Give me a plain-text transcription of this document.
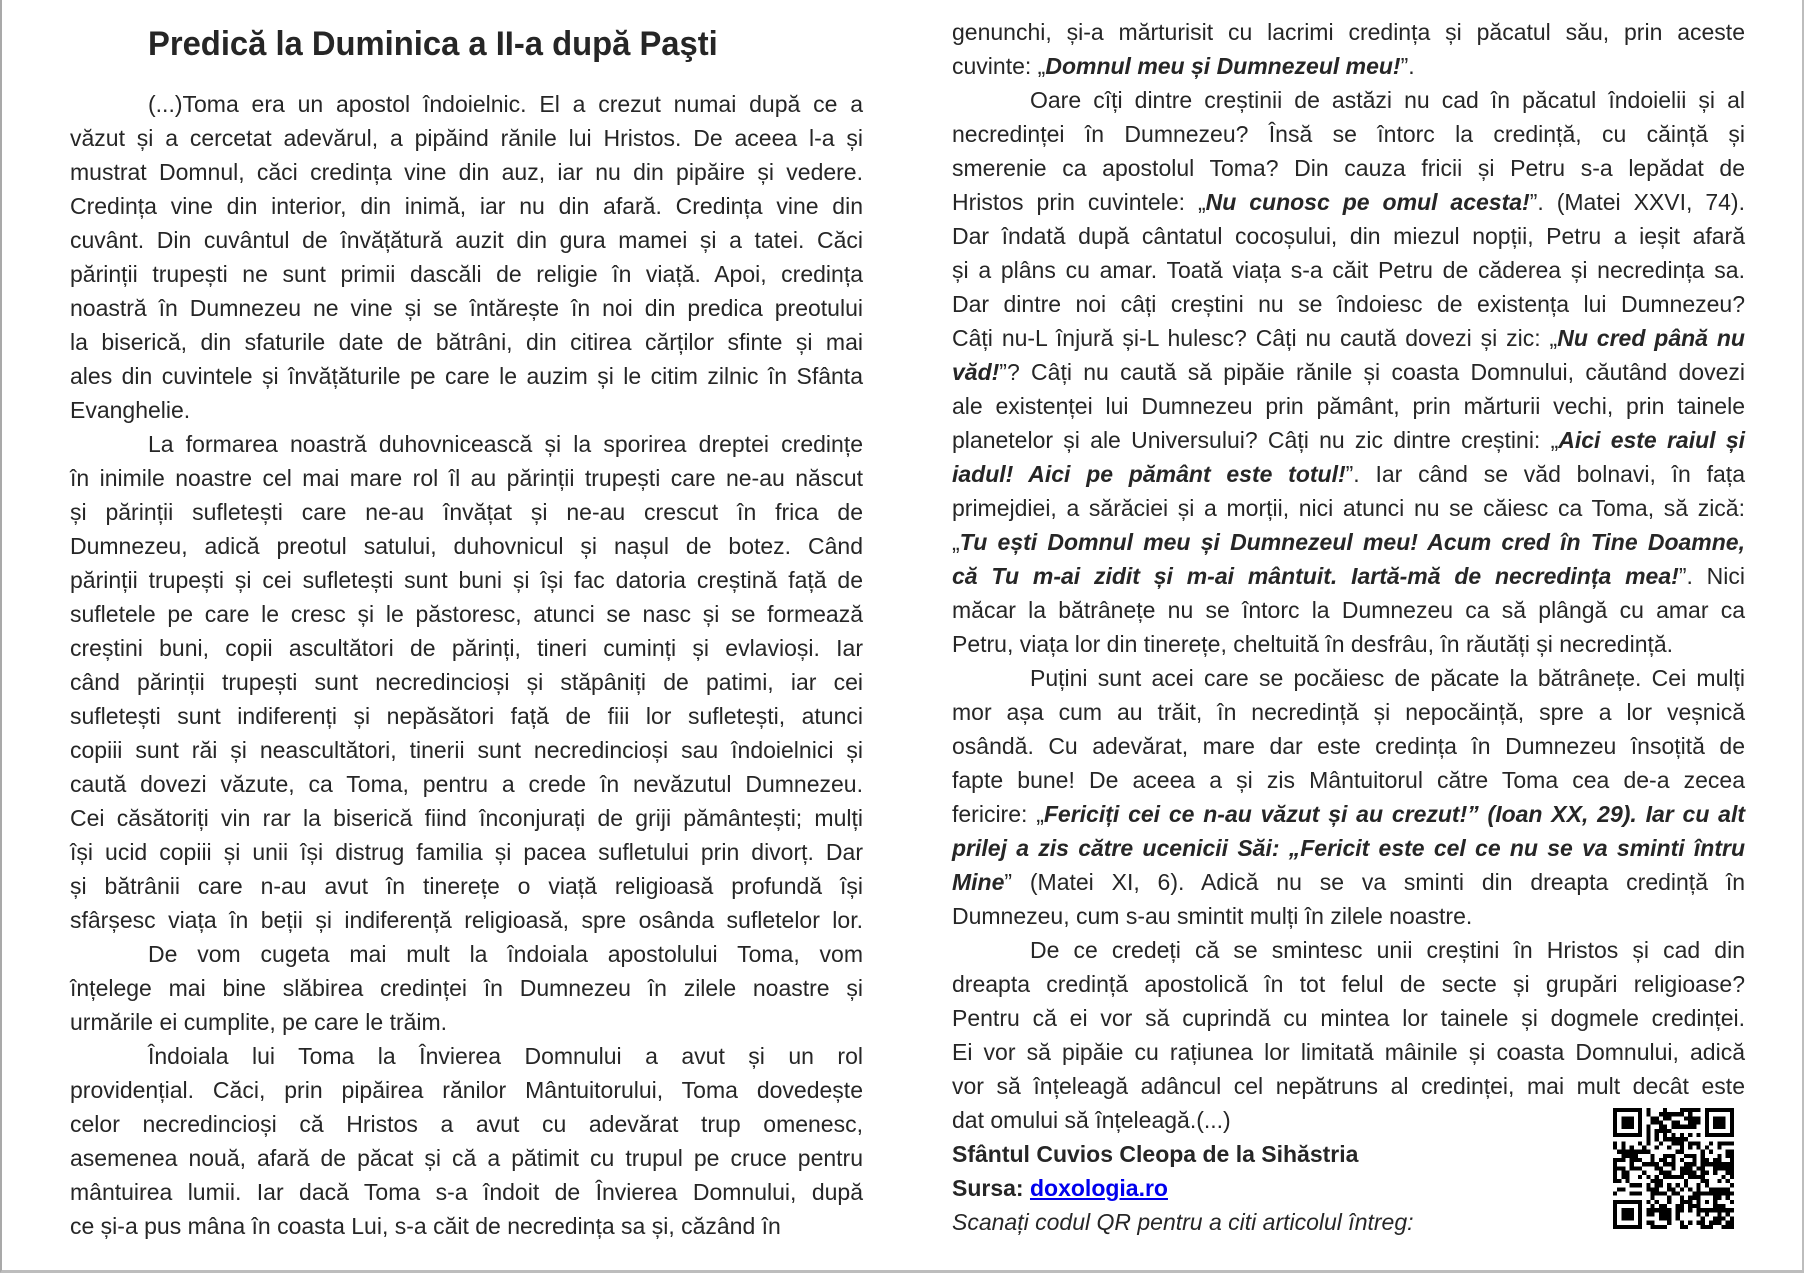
Predică la Duminica a II-a după Paşti
(...)Toma era un apostol îndoielnic. El a crezut numai după ce a
văzut și a cercetat adevărul, a pipăind rănile lui Hristos. De aceea l-a și
mustrat Domnul, căci credința vine din auz, iar nu din pipăire și vedere.
Credința vine din interior, din inimă, iar nu din afară. Credința vine din
cuvânt. Din cuvântul de învățătură auzit din gura mamei și a tatei. Căci
părinții trupești ne sunt primii dascăli de religie în viață. Apoi, credința
noastră în Dumnezeu ne vine și se întărește în noi din predica preotului
la biserică, din sfaturile date de bătrâni, din citirea cărților sfinte și mai
ales din cuvintele și învățăturile pe care le auzim și le citim zilnic în Sfânta
Evanghelie.
La formarea noastră duhovnicească și la sporirea dreptei credințe
în inimile noastre cel mai mare rol îl au părinții trupești care ne-au născut
și părinții sufletești care ne-au învățat și ne-au crescut în frica de
Dumnezeu, adică preotul satului, duhovnicul și nașul de botez. Când
părinții trupești și cei sufletești sunt buni și își fac datoria creștină față de
sufletele pe care le cresc și le păstoresc, atunci se nasc și se formează
creștini buni, copii ascultători de părinți, tineri cuminți și evlavioși. Iar
când părinții trupești sunt necredincioși și stăpâniți de patimi, iar cei
sufletești sunt indiferenți și nepăsători față de fiii lor sufletești, atunci
copiii sunt răi și neascultători, tinerii sunt necredincioși sau îndoielnici și
caută dovezi văzute, ca Toma, pentru a crede în nevăzutul Dumnezeu.
Cei căsătoriți vin rar la biserică fiind înconjurați de griji pământești; mulți
își ucid copiii și unii își distrug familia și pacea sufletului prin divorț. Dar
și bătrânii care n-au avut în tinerețe o viață religioasă profundă își
sfârșesc viața în beții și indiferență religioasă, spre osânda sufletelor lor.
De vom cugeta mai mult la îndoiala apostolului Toma, vom
înțelege mai bine slăbirea credinței în Dumnezeu în zilele noastre și
urmările ei cumplite, pe care le trăim.
Îndoiala lui Toma la Învierea Domnului a avut și un rol
providențial. Căci, prin pipăirea rănilor Mântuitorului, Toma dovedește
celor necredincioși că Hristos a avut cu adevărat trup omenesc,
asemenea nouă, afară de păcat și că a pătimit cu trupul pe cruce pentru
mântuirea lumii. Iar dacă Toma s-a îndoit de Învierea Domnului, după
ce și-a pus mâna în coasta Lui, s-a căit de necredința sa și, căzând în
genunchi, și-a mărturisit cu lacrimi credința și păcatul său, prin aceste
cuvinte: „Domnul meu și Dumnezeul meu!”.
Oare cîți dintre creștinii de astăzi nu cad în păcatul îndoielii și al
necredinței în Dumnezeu? Însă se întorc la credință, cu căință și
smerenie ca apostolul Toma? Din cauza fricii și Petru s-a lepădat de
Hristos prin cuvintele: „Nu cunosc pe omul acesta!”. (Matei XXVI, 74).
Dar îndată după cântatul cocoșului, din miezul nopții, Petru a ieșit afară
și a plâns cu amar. Toată viața s-a căit Petru de căderea și necredința sa.
Dar dintre noi câți creștini nu se îndoiesc de existența lui Dumnezeu?
Câți nu-L înjură și-L hulesc? Câți nu caută dovezi și zic: „Nu cred până nu
văd!”? Câți nu caută să pipăie rănile și coasta Domnului, căutând dovezi
ale existenței lui Dumnezeu prin pământ, prin mărturii vechi, prin tainele
planetelor și ale Universului? Câți nu zic dintre creștini: „Aici este raiul și
iadul! Aici pe pământ este totul!”. Iar când se văd bolnavi, în fața
primejdiei, a sărăciei și a morții, nici atunci nu se căiesc ca Toma, să zică:
„Tu ești Domnul meu și Dumnezeul meu! Acum cred în Tine Doamne,
că Tu m-ai zidit și m-ai mântuit. Iartă-mă de necredința mea!”. Nici
măcar la bătrânețe nu se întorc la Dumnezeu ca să plângă cu amar ca
Petru, viața lor din tinerețe, cheltuită în desfrâu, în răutăți și necredință.
Puțini sunt acei care se pocăiesc de păcate la bătrânețe. Cei mulți
mor așa cum au trăit, în necredință și nepocăință, spre a lor veșnică
osândă. Cu adevărat, mare dar este credința în Dumnezeu însoțită de
fapte bune! De aceea a și zis Mântuitorul către Toma cea de-a zecea
fericire: „Fericiți cei ce n-au văzut și au crezut!” (Ioan XX, 29). Iar cu alt
prilej a zis către ucenicii Săi: „Fericit este cel ce nu se va sminti întru
Mine” (Matei XI, 6). Adică nu se va sminti din dreapta credință în
Dumnezeu, cum s-au smintit mulți în zilele noastre.
De ce credeți că se smintesc unii creștini în Hristos și cad din
dreapta credință apostolică în tot felul de secte și grupări religioase?
Pentru că ei vor să cuprindă cu mintea lor tainele și dogmele credinței.
Ei vor să pipăie cu rațiunea lor limitată mâinile și coasta Domnului, adică
vor să înțeleagă adâncul cel nepătruns al credinței, mai mult decât este
dat omului să înțeleagă.(...)
Sfântul Cuvios Cleopa de la Sihăstria
Sursa: doxologia.ro
Scanați codul QR pentru a citi articolul întreg:
